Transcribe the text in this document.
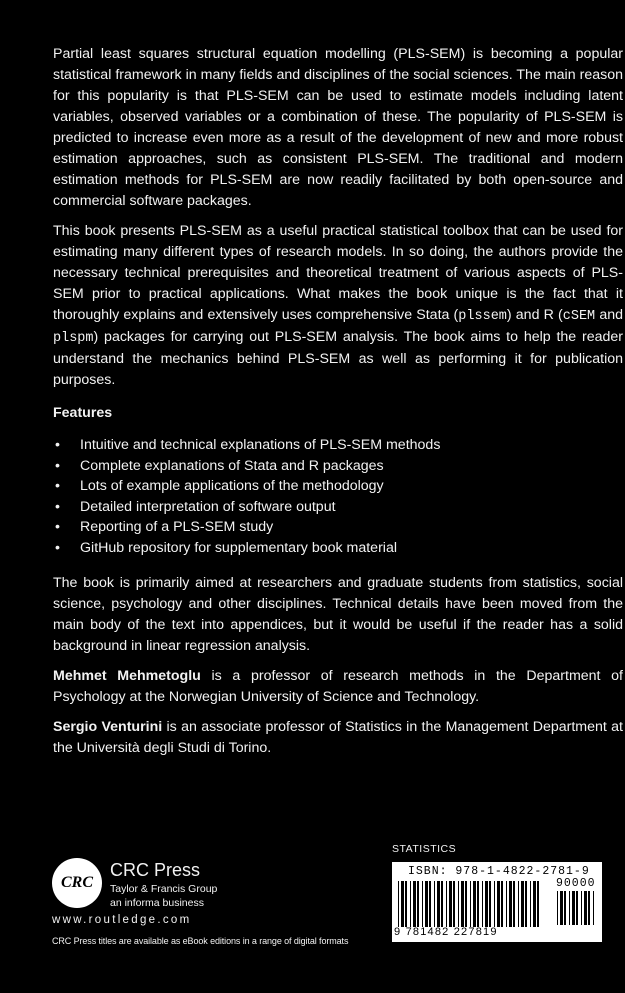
Partial least squares structural equation modelling (PLS-SEM) is becoming a popular statistical framework in many fields and disciplines of the social sciences. The main reason for this popularity is that PLS-SEM can be used to estimate models including latent variables, observed variables or a combination of these. The popularity of PLS-SEM is predicted to increase even more as a result of the development of new and more robust estimation approaches, such as consistent PLS-SEM. The traditional and modern estimation methods for PLS-SEM are now readily facilitated by both open-source and commercial software packages.

This book presents PLS-SEM as a useful practical statistical toolbox that can be used for estimating many different types of research models. In so doing, the authors provide the necessary technical prerequisites and theoretical treatment of various aspects of PLS-SEM prior to practical applications. What makes the book unique is the fact that it thoroughly explains and extensively uses comprehensive Stata (plssem) and R (cSEM and plspm) packages for carrying out PLS-SEM analysis. The book aims to help the reader understand the mechanics behind PLS-SEM as well as performing it for publication purposes.

Features
• Intuitive and technical explanations of PLS-SEM methods
• Complete explanations of Stata and R packages
• Lots of example applications of the methodology
• Detailed interpretation of software output
• Reporting of a PLS-SEM study
• GitHub repository for supplementary book material

The book is primarily aimed at researchers and graduate students from statistics, social science, psychology and other disciplines. Technical details have been moved from the main body of the text into appendices, but it would be useful if the reader has a solid background in linear regression analysis.

Mehmet Mehmetoglu is a professor of research methods in the Department of Psychology at the Norwegian University of Science and Technology.

Sergio Venturini is an associate professor of Statistics in the Management Department at the Università degli Studi di Torino.

CRC
CRC Press
Taylor & Francis Group
an informa business
www.routledge.com
CRC Press titles are available as eBook editions in a range of digital formats
STATISTICS
ISBN: 978-1-4822-2781-9
90000
9 781482 227819
